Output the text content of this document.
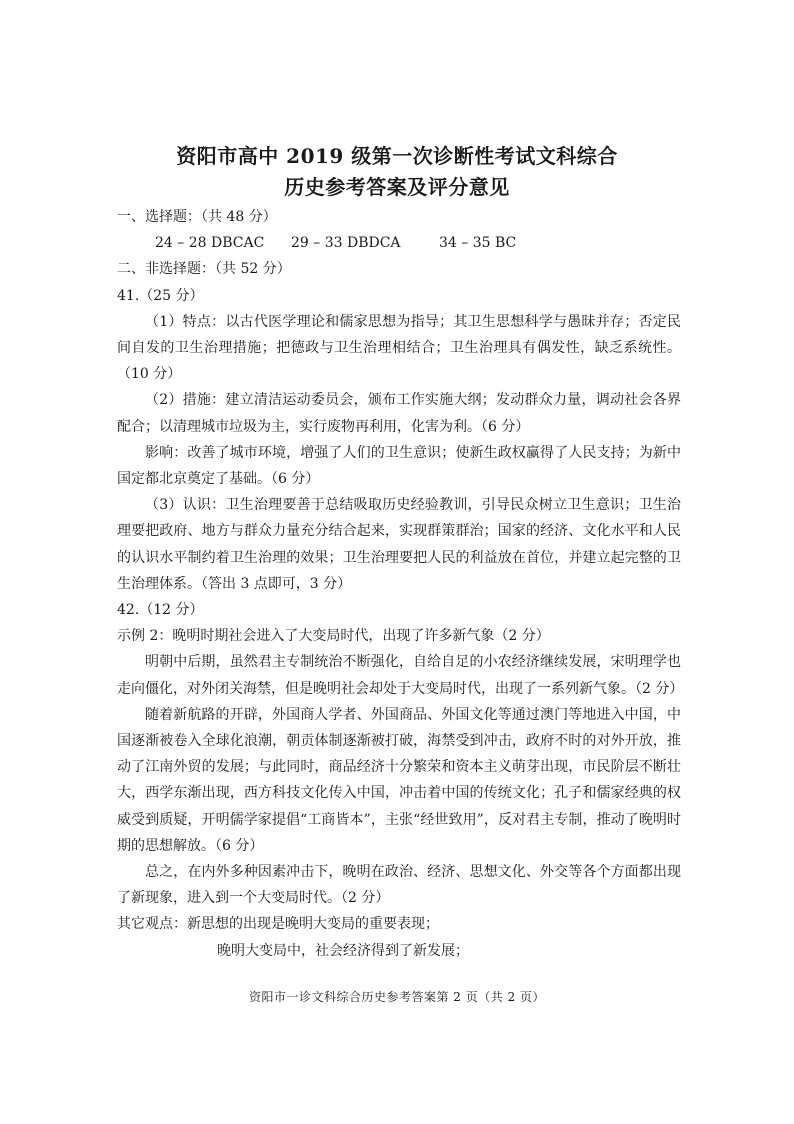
资阳市高中 2019 级第一次诊断性考试文科综合
历史参考答案及评分意见
一、选择题：（共 48 分）
24 – 28 DBCAC	29 – 33 DBDCA	34 – 35 BC
二、非选择题：（共 52 分）
41.（25 分）
（1）特点：以古代医学理论和儒家思想为指导；其卫生思想科学与愚昧并存；否定民间自发的卫生治理措施；把德政与卫生治理相结合；卫生治理具有偶发性，缺乏系统性。（10 分）
（2）措施：建立清洁运动委员会，颁布工作实施大纲；发动群众力量，调动社会各界配合；以清理城市垃圾为主，实行废物再利用，化害为利。（6 分）
影响：改善了城市环境，增强了人们的卫生意识；使新生政权赢得了人民支持；为新中国定都北京奠定了基础。（6 分）
（3）认识：卫生治理要善于总结吸取历史经验教训，引导民众树立卫生意识；卫生治理要把政府、地方与群众力量充分结合起来，实现群策群治；国家的经济、文化水平和人民的认识水平制约着卫生治理的效果；卫生治理要把人民的利益放在首位，并建立起完整的卫生治理体系。（答出 3 点即可，3 分）
42.（12 分）
示例 2：晚明时期社会进入了大变局时代，出现了许多新气象（2 分）
明朝中后期，虽然君主专制统治不断强化，自给自足的小农经济继续发展，宋明理学也走向僵化，对外闭关海禁，但是晚明社会却处于大变局时代，出现了一系列新气象。（2 分）
随着新航路的开辟，外国商人学者、外国商品、外国文化等通过澳门等地进入中国，中国逐渐被卷入全球化浪潮，朝贡体制逐渐被打破，海禁受到冲击，政府不时的对外开放，推动了江南外贸的发展；与此同时，商品经济十分繁荣和资本主义萌芽出现，市民阶层不断壮大，西学东渐出现，西方科技文化传入中国，冲击着中国的传统文化；孔子和儒家经典的权威受到质疑，开明儒学家提倡“工商皆本”，主张“经世致用”，反对君主专制，推动了晚明时期的思想解放。（6 分）
总之，在内外多种因素冲击下，晚明在政治、经济、思想文化、外交等各个方面都出现了新现象，进入到一个大变局时代。（2 分）
其它观点：新思想的出现是晚明大变局的重要表现；
晚明大变局中，社会经济得到了新发展；
资阳市一诊文科综合历史参考答案第 2 页（共 2 页）
